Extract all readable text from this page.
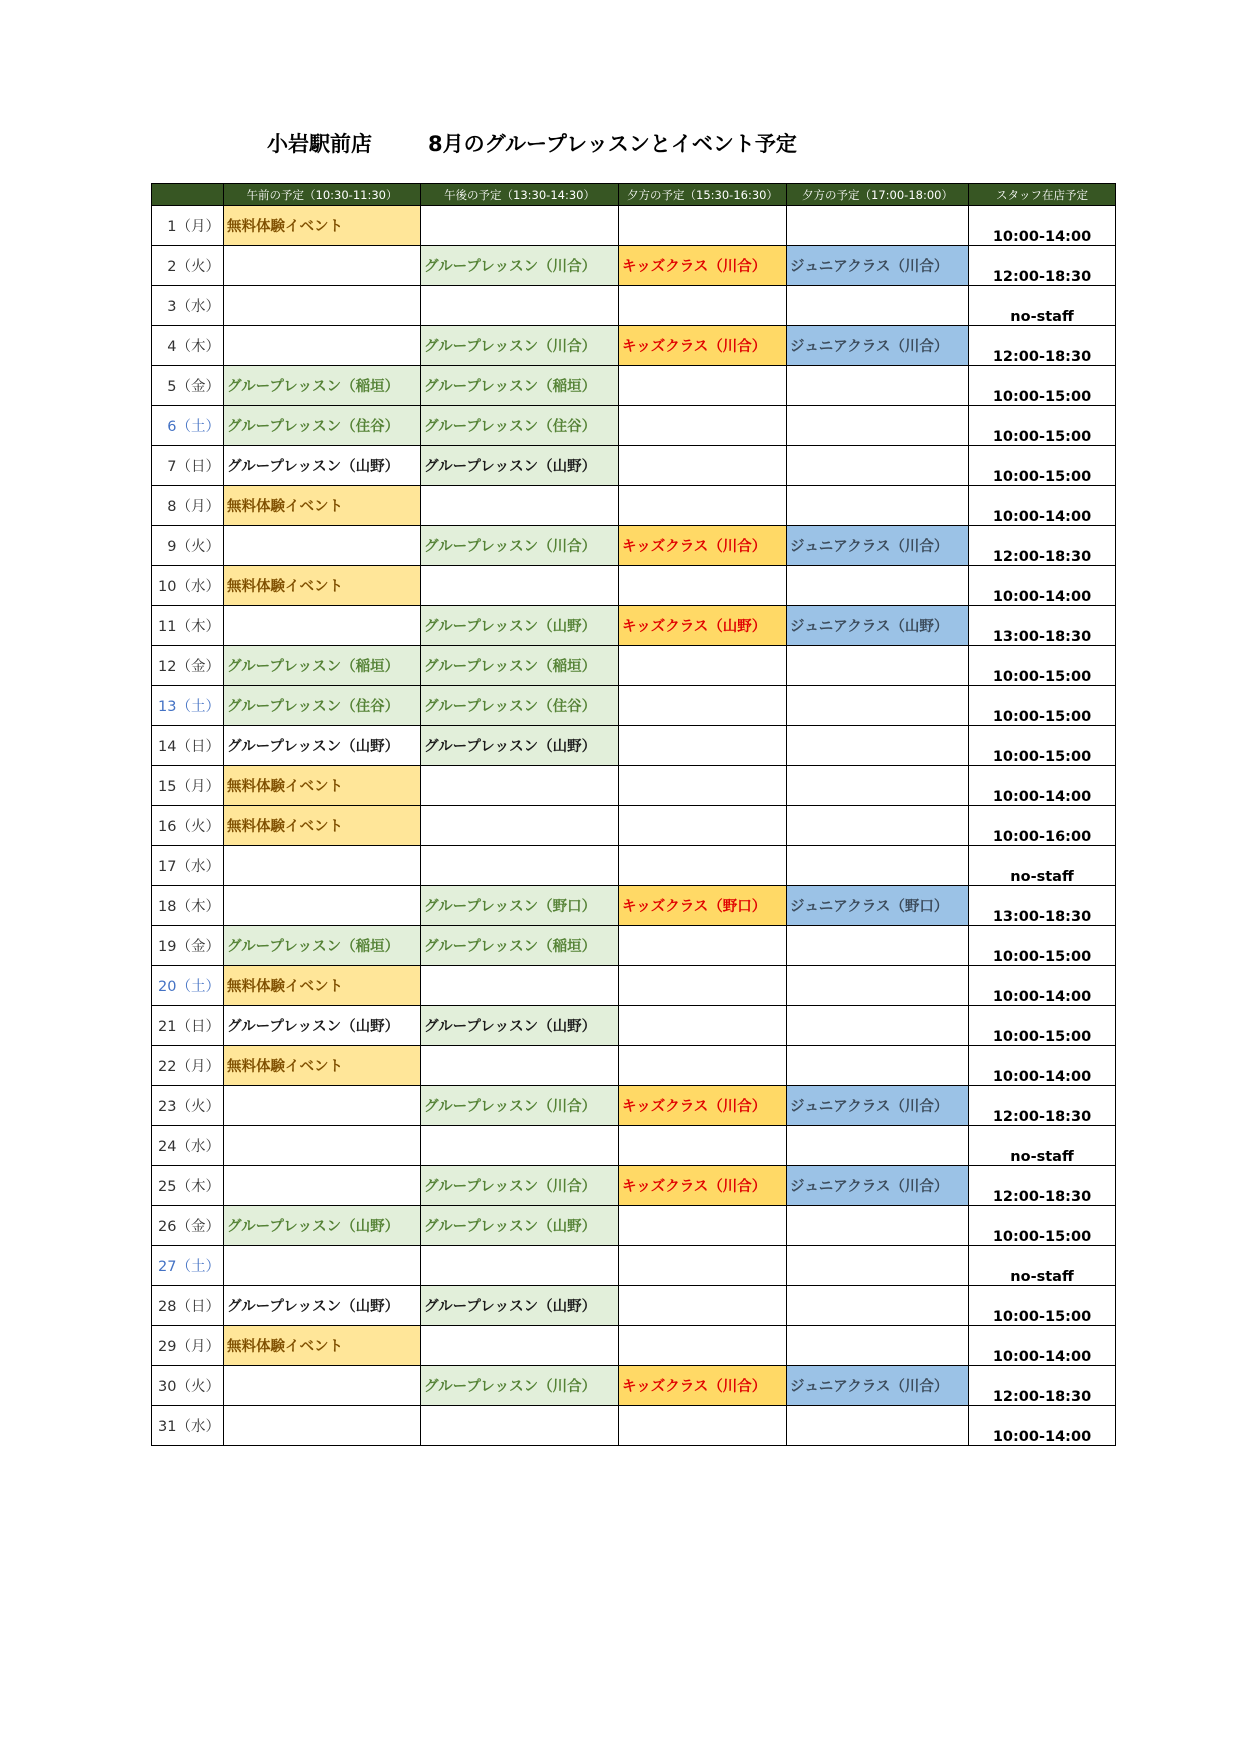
小岩駅前店	8月のグループレッスンとイベント予定
	午前の予定（10:30-11:30）	午後の予定（13:30-14:30）	夕方の予定（15:30-16:30）	夕方の予定（17:00-18:00）	スタッフ在店予定
1（月）	無料体験イベント				10:00-14:00
2（火）		グループレッスン（川合）	キッズクラス（川合）	ジュニアクラス（川合）	12:00-18:30
3（水）					no-staff
4（木）		グループレッスン（川合）	キッズクラス（川合）	ジュニアクラス（川合）	12:00-18:30
5（金）	グループレッスン（稲垣）	グループレッスン（稲垣）			10:00-15:00
6（土）	グループレッスン（住谷）	グループレッスン（住谷）			10:00-15:00
7（日）	グループレッスン（山野）	グループレッスン（山野）			10:00-15:00
8（月）	無料体験イベント				10:00-14:00
9（火）		グループレッスン（川合）	キッズクラス（川合）	ジュニアクラス（川合）	12:00-18:30
10（水）	無料体験イベント				10:00-14:00
11（木）		グループレッスン（山野）	キッズクラス（山野）	ジュニアクラス（山野）	13:00-18:30
12（金）	グループレッスン（稲垣）	グループレッスン（稲垣）			10:00-15:00
13（土）	グループレッスン（住谷）	グループレッスン（住谷）			10:00-15:00
14（日）	グループレッスン（山野）	グループレッスン（山野）			10:00-15:00
15（月）	無料体験イベント				10:00-14:00
16（火）	無料体験イベント				10:00-16:00
17（水）					no-staff
18（木）		グループレッスン（野口）	キッズクラス（野口）	ジュニアクラス（野口）	13:00-18:30
19（金）	グループレッスン（稲垣）	グループレッスン（稲垣）			10:00-15:00
20（土）	無料体験イベント				10:00-14:00
21（日）	グループレッスン（山野）	グループレッスン（山野）			10:00-15:00
22（月）	無料体験イベント				10:00-14:00
23（火）		グループレッスン（川合）	キッズクラス（川合）	ジュニアクラス（川合）	12:00-18:30
24（水）					no-staff
25（木）		グループレッスン（川合）	キッズクラス（川合）	ジュニアクラス（川合）	12:00-18:30
26（金）	グループレッスン（山野）	グループレッスン（山野）			10:00-15:00
27（土）					no-staff
28（日）	グループレッスン（山野）	グループレッスン（山野）			10:00-15:00
29（月）	無料体験イベント				10:00-14:00
30（火）		グループレッスン（川合）	キッズクラス（川合）	ジュニアクラス（川合）	12:00-18:30
31（水）					10:00-14:00
